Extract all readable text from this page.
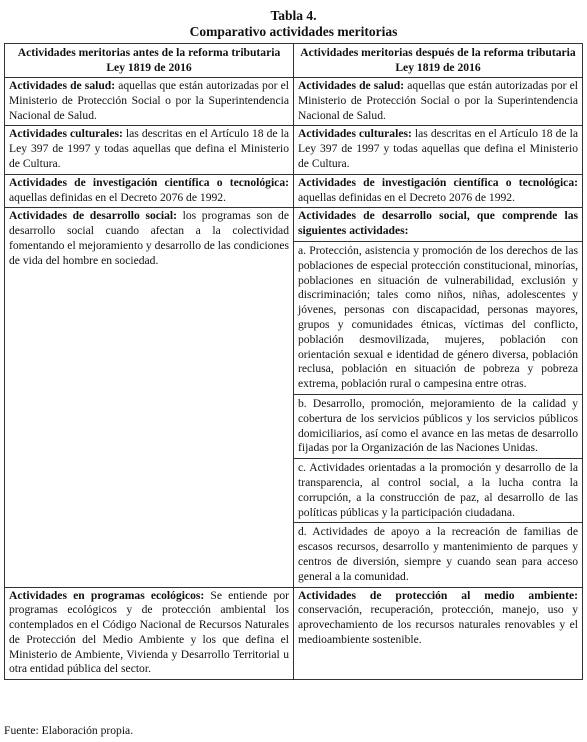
Tabla 4.
Comparativo actividades meritorias
Actividades meritorias antes de la reforma tributaria Ley 1819 de 2016	Actividades meritorias después de la reforma tributaria Ley 1819 de 2016
Actividades de salud: aquellas que están autorizadas por el Ministerio de Protección Social o por la Superintendencia Nacional de Salud.	Actividades de salud: aquellas que están autorizadas por el Ministerio de Protección Social o por la Superintendencia Nacional de Salud.
Actividades culturales: las descritas en el Artículo 18 de la Ley 397 de 1997 y todas aquellas que defina el Ministerio de Cultura.	Actividades culturales: las descritas en el Artículo 18 de la Ley 397 de 1997 y todas aquellas que defina el Ministerio de Cultura.
Actividades de investigación científica o tecnológica: aquellas definidas en el Decreto 2076 de 1992.	Actividades de investigación científica o tecnológica: aquellas definidas en el Decreto 2076 de 1992.
Actividades de desarrollo social: los programas son de desarrollo social cuando afectan a la colectividad fomentando el mejoramiento y desarrollo de las condiciones de vida del hombre en sociedad.	Actividades de desarrollo social, que comprende las siguientes actividades:
	a. Protección, asistencia y promoción de los derechos de las poblaciones de especial protección constitucional, minorías, poblaciones en situación de vulnerabilidad, exclusión y discriminación; tales como niños, niñas, adolescentes y jóvenes, personas con discapacidad, personas mayores, grupos y comunidades étnicas, víctimas del conflicto, población desmovilizada, mujeres, población con orientación sexual e identidad de género diversa, población reclusa, población en situación de pobreza y pobreza extrema, población rural o campesina entre otras.
	b. Desarrollo, promoción, mejoramiento de la calidad y cobertura de los servicios públicos y los servicios públicos domiciliarios, así como el avance en las metas de desarrollo fijadas por la Organización de las Naciones Unidas.
	c. Actividades orientadas a la promoción y desarrollo de la transparencia, al control social, a la lucha contra la corrupción, a la construcción de paz, al desarrollo de las políticas públicas y la participación ciudadana.
	d. Actividades de apoyo a la recreación de familias de escasos recursos, desarrollo y mantenimiento de parques y centros de diversión, siempre y cuando sean para acceso general a la comunidad.
Actividades en programas ecológicos: Se entiende por programas ecológicos y de protección ambiental los contemplados en el Código Nacional de Recursos Naturales de Protección del Medio Ambiente y los que defina el Ministerio de Ambiente, Vivienda y Desarrollo Territorial u otra entidad pública del sector.	Actividades de protección al medio ambiente: conservación, recuperación, protección, manejo, uso y aprovechamiento de los recursos naturales renovables y el medioambiente sostenible.
Fuente: Elaboración propia.
